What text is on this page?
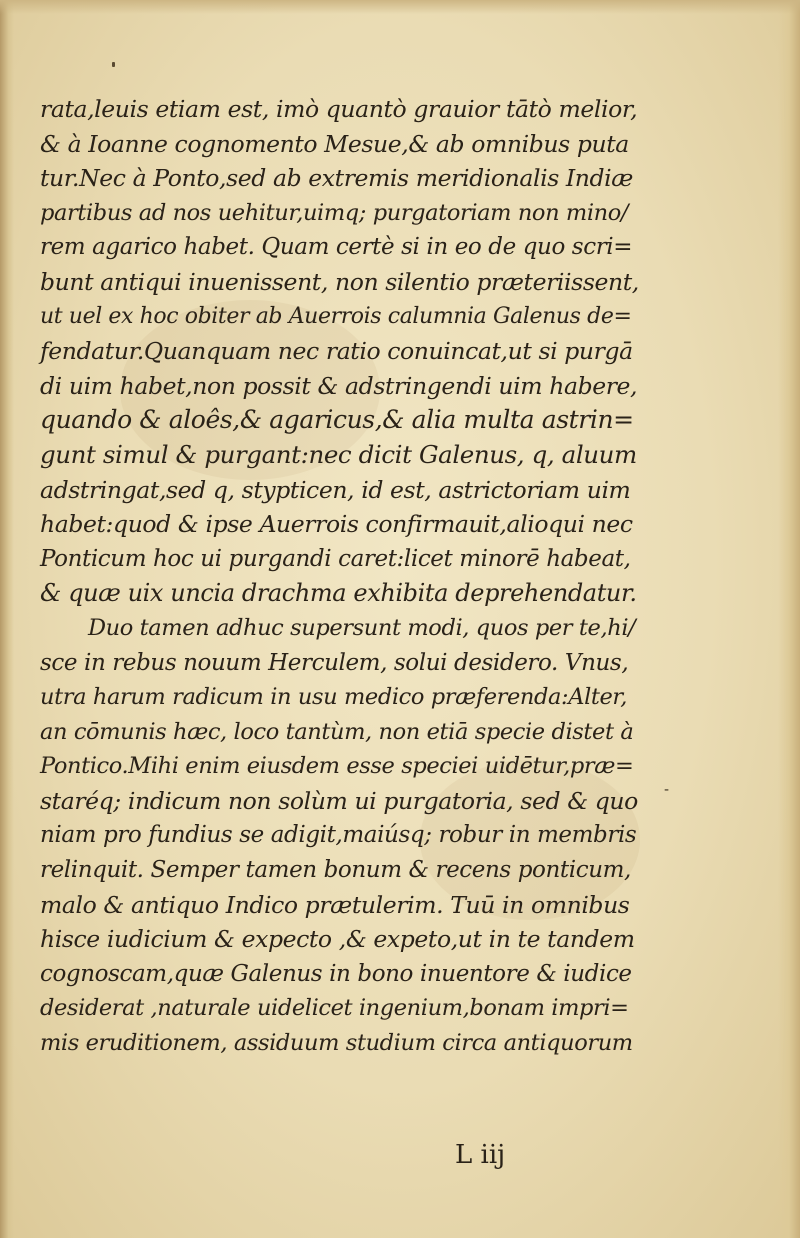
rata,leuis etiam est, imò quantò grauior tātò melior,
& à Ioanne cognomento Mesue,& ab omnibus puta
tur.Nec à Ponto,sed ab extremis meridionalis Indiæ
partibus ad nos uehitur,uimq; purgatoriam non mino/
rem agarico habet. Quam certè si in eo de quo scri=
bunt antiqui inuenissent, non silentio præteriissent,
ut uel ex hoc obiter ab Auerrois calumnia Galenus de=
fendatur.Quanquam nec ratio conuincat,ut si purgā
di uim habet,non possit & adstringendi uim habere,
quando & aloês,& agaricus,& alia multa astrin=
gunt simul & purgant:nec dicit Galenus, q, aluum
adstringat,sed q, stypticen, id est, astrictoriam uim
habet:quod & ipse Auerrois confirmauit,alioqui nec
Ponticum hoc ui purgandi caret:licet minorē habeat,
& quæ uix uncia drachma exhibita deprehendatur.
Duo tamen adhuc supersunt modi, quos per te,hi/
sce in rebus nouum Herculem, solui desidero. Vnus,
utra harum radicum in usu medico præferenda:Alter,
an cōmunis hæc, loco tantùm, non etiā specie distet à
Pontico.Mihi enim eiusdem esse speciei uidētur,præ=
staréq; indicum non solùm ui purgatoria, sed & quo
niam pro fundius se adigit,maiúsq; robur in membris
relinquit. Semper tamen bonum & recens ponticum,
malo & antiquo Indico prætulerim. Tuū in omnibus
hisce iudicium & expecto ,& expeto,ut in te tandem
cognoscam,quæ Galenus in bono inuentore & iudice
desiderat ,naturale uidelicet ingenium,bonam impri=
mis eruditionem, assiduum studium circa antiquorum
-
L iij
